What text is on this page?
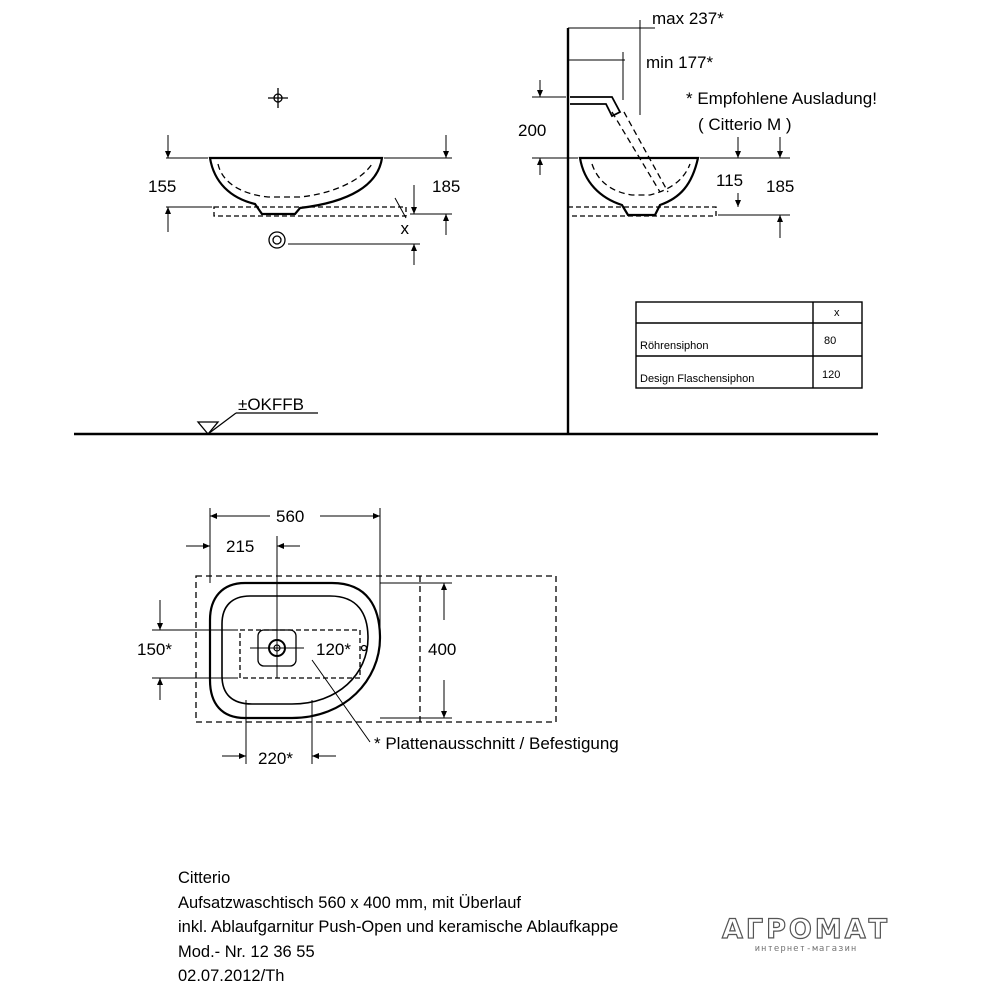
155	185
x
max 237*
min 177*
* Empfohlene Ausladung!
( Citterio M )
200
115 185
x
Röhrensiphon	80
Design Flaschensiphon	120
±OKFFB
560
215
150*	120*	400
220*
* Plattenausschnitt / Befestigung
Citterio
Aufsatzwaschtisch 560 x 400 mm, mit Überlauf
inkl. Ablaufgarnitur Push-Open und keramische Ablaufkappe
Mod.- Nr. 12 36 55
02.07.2012/Th
АГРОМАТ
интернет-магазин
